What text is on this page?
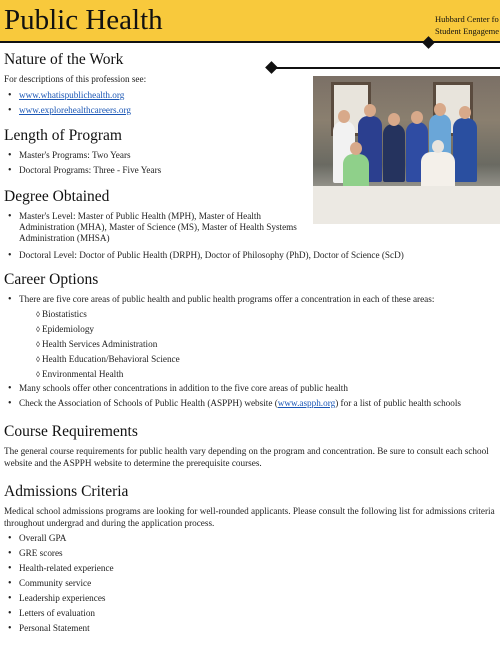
Public Health	Hubbard Center fo
Student Engageme
Nature of the Work
For descriptions of this profession see:
• www.whatispublichealth.org
• www.explorehealthcareers.org
Length of Program
• Master's Programs: Two Years
• Doctoral Programs: Three - Five Years
Degree Obtained
• Master's Level: Master of Public Health (MPH), Master of Health Administration (MHA), Master of Science (MS), Master of Health Systems Administration (MHSA)
• Doctoral Level: Doctor of Public Health (DRPH), Doctor of Philosophy (PhD), Doctor of Science (ScD)
Career Options
• There are five core areas of public health and public health programs offer a concentration in each of these areas:
◊ Biostatistics
◊ Epidemiology
◊ Health Services Administration
◊ Health Education/Behavioral Science
◊ Environmental Health
• Many schools offer other concentrations in addition to the five core areas of public health
• Check the Association of Schools of Public Health (ASPPH) website (www.aspph.org) for a list of public health schools
Course Requirements
The general course requirements for public health vary depending on the program and concentration. Be sure to consult each school website and the ASPPH website to determine the prerequisite courses.
Admissions Criteria
Medical school admissions programs are looking for well-rounded applicants. Please consult the following list for admissions criteria throughout undergrad and during the application process.
• Overall GPA
• GRE scores
• Health-related experience
• Community service
• Leadership experiences
• Letters of evaluation
• Personal Statement
